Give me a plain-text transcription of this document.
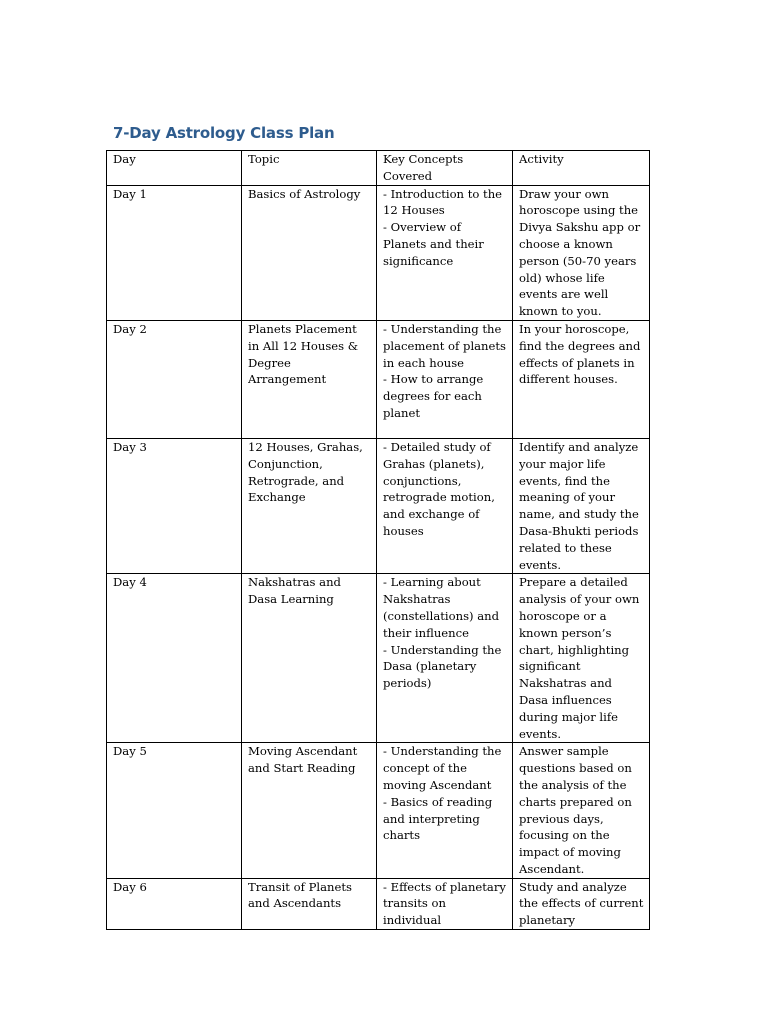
7-Day Astrology Class Plan
Day	Topic	Key Concepts Covered	Activity

Day 1	Basics of Astrology	- Introduction to the 12 Houses
- Overview of Planets and their significance	Draw your own horoscope using the Divya Sakshu app or choose a known person (50-70 years old) whose life events are well known to you.

Day 2	Planets Placement in All 12 Houses & Degree Arrangement	- Understanding the placement of planets in each house
- How to arrange degrees for each planet	In your horoscope, find the degrees and effects of planets in different houses.

Day 3	12 Houses, Grahas, Conjunction, Retrograde, and Exchange	- Detailed study of Grahas (planets), conjunctions, retrograde motion, and exchange of houses	Identify and analyze your major life events, find the meaning of your name, and study the Dasa-Bhukti periods related to these events.

Day 4	Nakshatras and Dasa Learning	- Learning about Nakshatras (constellations) and their influence
- Understanding the Dasa (planetary periods)	Prepare a detailed analysis of your own horoscope or a known person’s chart, highlighting significant Nakshatras and Dasa influences during major life events.

Day 5	Moving Ascendant and Start Reading	- Understanding the concept of the moving Ascendant
- Basics of reading and interpreting charts	Answer sample questions based on the analysis of the charts prepared on previous days, focusing on the impact of moving Ascendant.

Day 6	Transit of Planets and Ascendants	- Effects of planetary transits on individual	Study and analyze the effects of current planetary
